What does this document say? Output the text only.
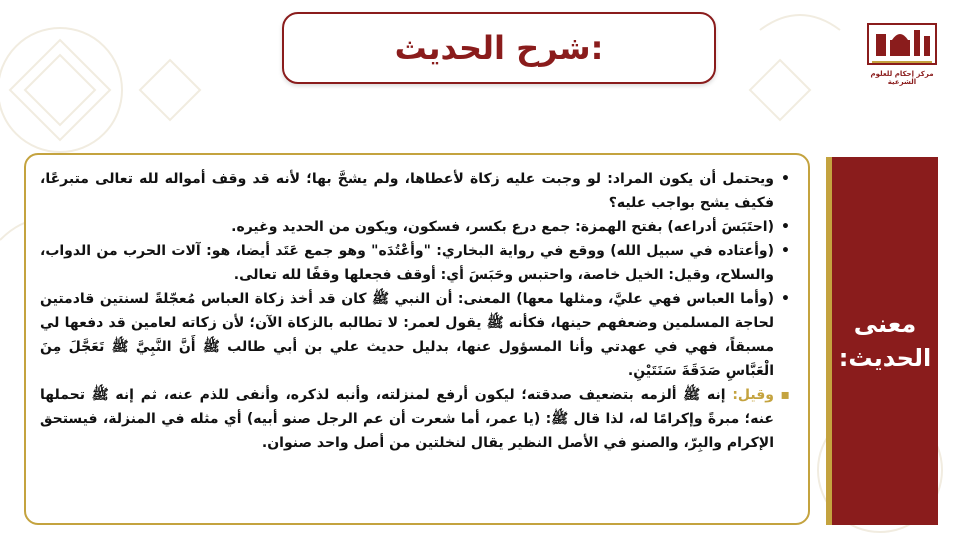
شرح الحديث:
مركز إحكام للعلوم الشرعية
• ويحتمل أن يكون المراد: لو وجبت عليه زكاة لأعطاها، ولم يشحَّ بها؛ لأنه قد وقف أمواله لله تعالى متبرعًا، فكيف يشح بواجب عليه؟
• (احتَبَسَ أدراعه) بفتح الهمزة: جمع درع بكسر، فسكون، ويكون من الحديد وغيره.
• (وأعتاده في سبيل الله) ووقع في رواية البخاري: "وأعْتُدَه" وهو جمع عَتَد أيضا، هو: آلات الحرب من الدواب، والسلاح، وقيل: الخيل خاصة، واحتبس وحَبَسَ أي: أوقف فجعلها وقفًا لله تعالى.
• (وأما العباس فهي عليَّ، ومثلها معها) المعنى: أن النبي ﷺ كان قد أخذ زكاة العباس مُعجّلةً لسنتين قادمتين لحاجة المسلمين وضعفهم حينها، فكأنه ﷺ يقول لعمر: لا تطالبه بالزكاة الآن؛ لأن زكاته لعامين قد دفعها لي مسبقاً، فهي في عهدتي وأنا المسؤول عنها، بدليل حديث علي بن أبي طالب ﷺ أَنَّ النَّبِيَّ ﷺ تَعَجَّلَ مِنَ الْعَبَّاسِ صَدَقَةَ سَنَتَيْنِ.
▪ وقيل: إنه ﷺ ألزمه بتضعيف صدقته؛ ليكون أرفع لمنزلته، وأنبه لذكره، وأنفى للذم عنه، ثم إنه ﷺ تحملها عنه؛ مبرةً وإكرامًا له، لذا قال ﷺ: (يا عمر، أما شعرت أن عم الرجل صنو أبيه) أي مثله في المنزلة، فيستحق الإكرام والبِرّ، والصنو في الأصل النظير يقال لنخلتين من أصل واحد صنوان.
معنى الحديث:
